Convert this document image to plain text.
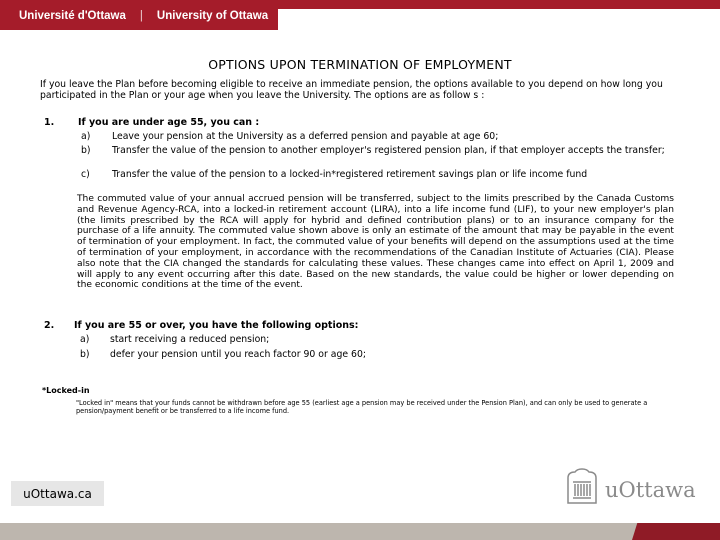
Université d'Ottawa | University of Ottawa
OPTIONS UPON TERMINATION OF EMPLOYMENT
If you leave the Plan before becoming eligible to receive an immediate pension, the options available to you depend on how long you participated in the Plan or your age when you leave the University. The options are as follow s :
1.	If you are under age 55, you can :
a) Leave your pension at the University as a deferred pension and payable at age 60;
b) Transfer the value of the pension to another employer's registered pension plan, if that employer accepts the transfer;
c) Transfer the value of the pension to a locked-in*registered retirement savings plan or life income fund
The commuted value of your annual accrued pension will be transferred, subject to the limits prescribed by the Canada Customs and Revenue Agency-RCA, into a locked-in retirement account (LIRA), into a life income fund (LIF), to your new employer's plan (the limits prescribed by the RCA will apply for hybrid and defined contribution plans) or to an insurance company for the purchase of a life annuity. The commuted value shown above is only an estimate of the amount that may be payable in the event of termination of your employment. In fact, the commuted value of your benefits will depend on the assumptions used at the time of termination of your employment, in accordance with the recommendations of the Canadian Institute of Actuaries (CIA). Please also note that the CIA changed the standards for calculating these values. These changes came into effect on April 1, 2009 and will apply to any event occurring after this date. Based on the new standards, the value could be higher or lower depending on the economic conditions at the time of the event.
2. If you are 55 or over, you have the following options:
a) start receiving a reduced pension;
b) defer your pension until you reach factor 90 or age 60;
*Locked-in
"Locked in" means that your funds cannot be withdrawn before age 55 (earliest age a pension may be received under the Pension Plan), and can only be used to generate a pension/payment benefit or be transferred to a life income fund.
uOttawa.ca	uOttawa
